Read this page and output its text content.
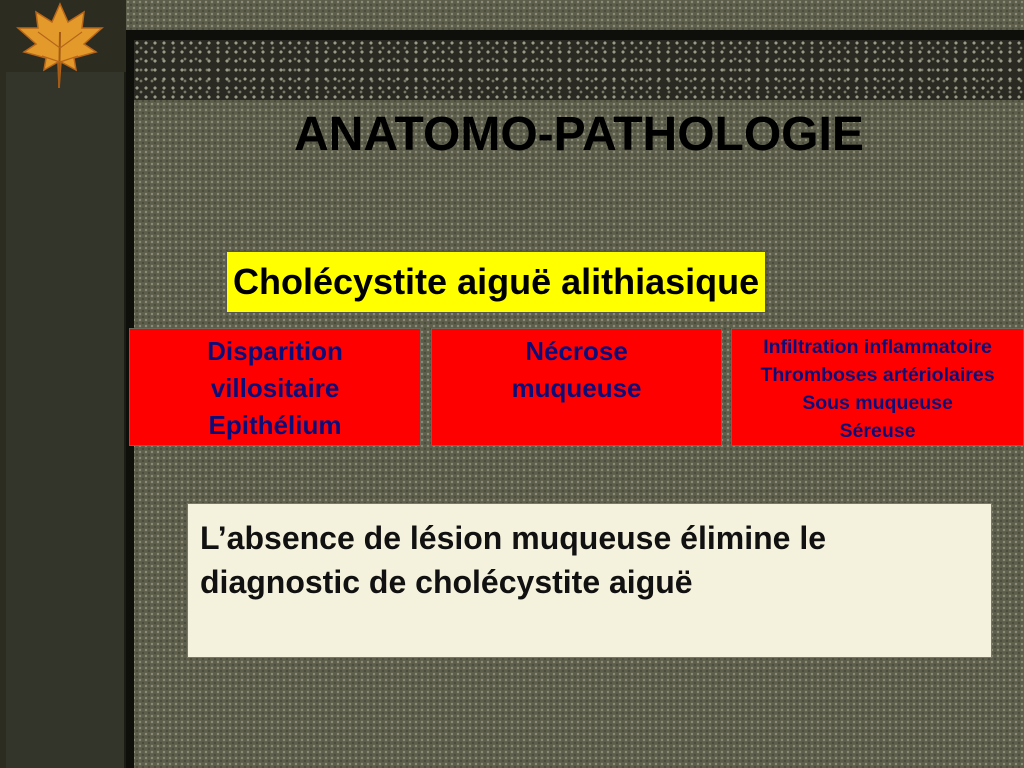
ANATOMO-PATHOLOGIE
Cholécystite aiguë alithiasique
Disparition
villositaire
Epithélium
Nécrose
muqueuse
Infiltration inflammatoire
Thromboses artériolaires
Sous muqueuse
Séreuse
L’absence de lésion muqueuse élimine le diagnostic de cholécystite aiguë
